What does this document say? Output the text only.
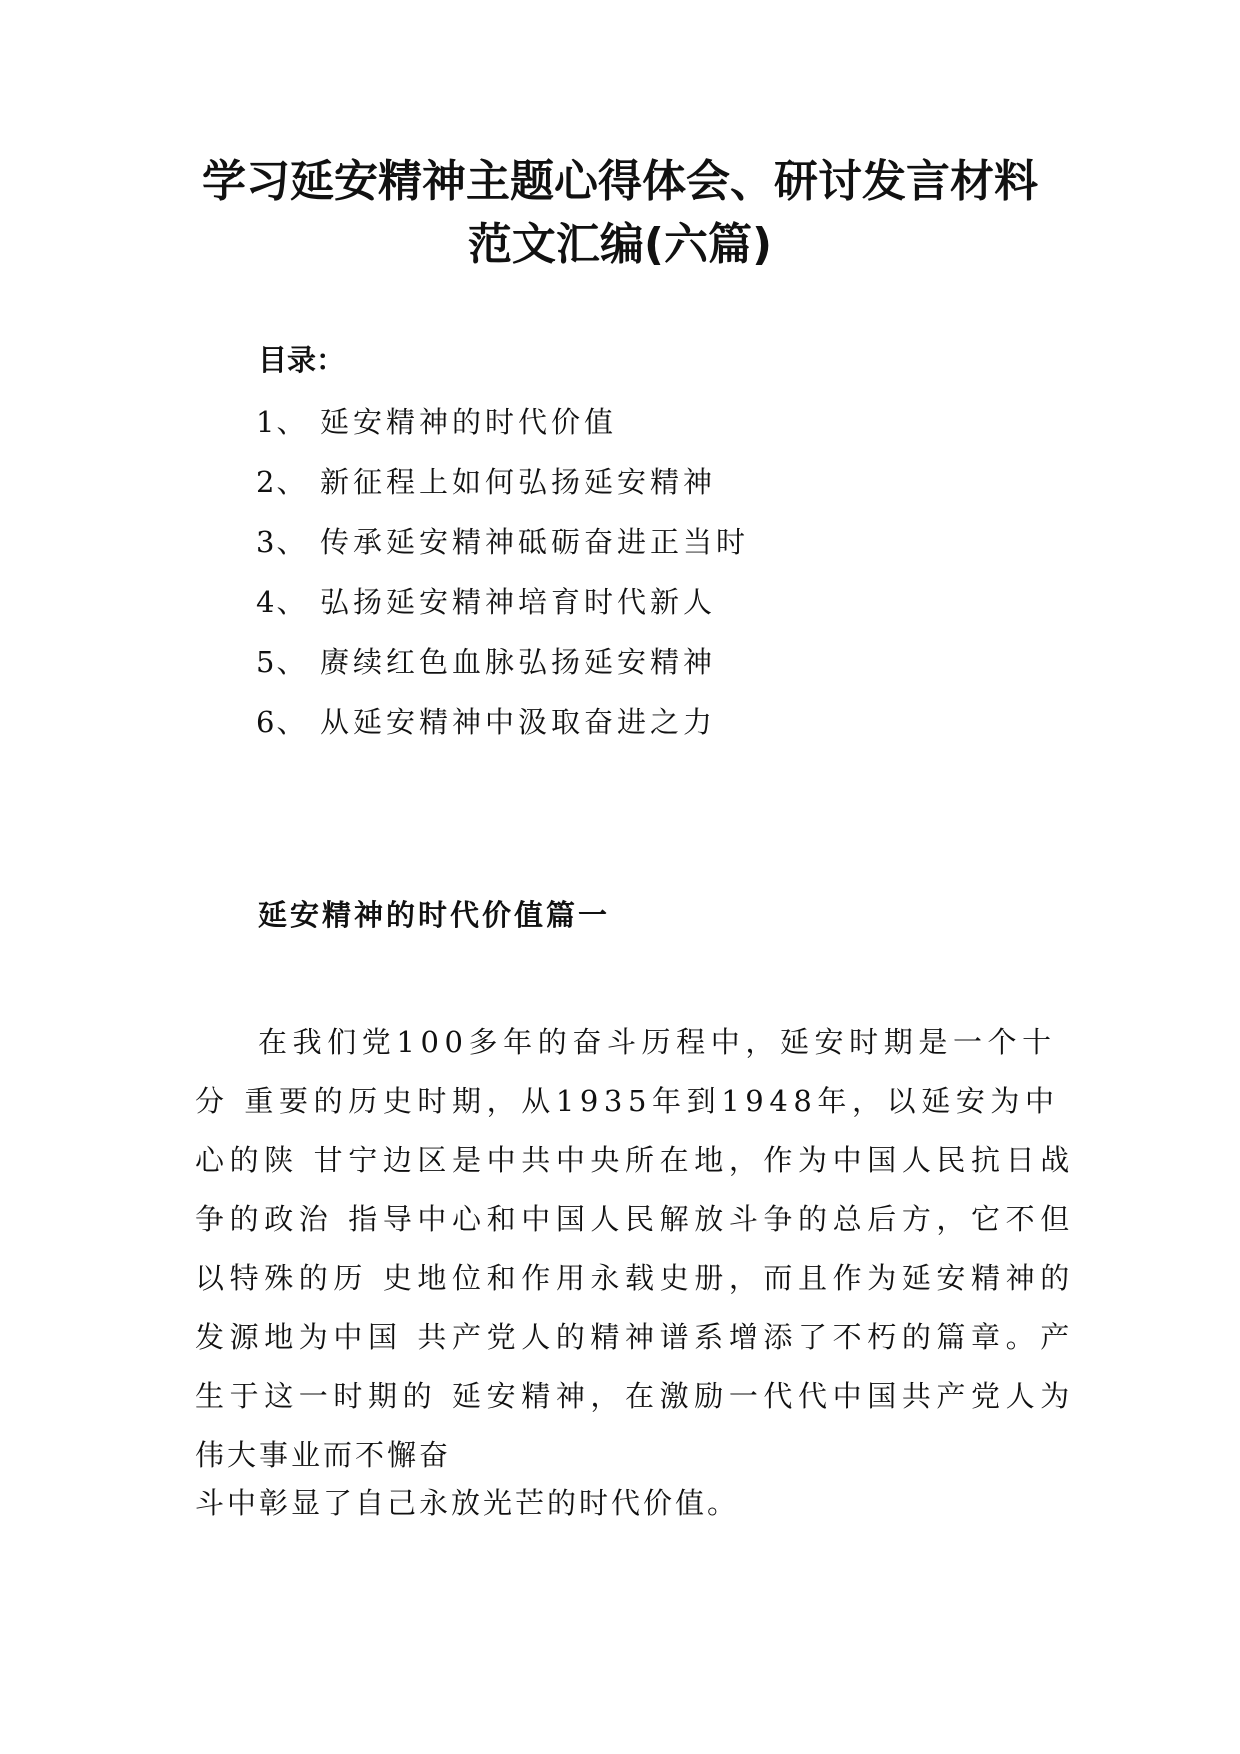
学习延安精神主题心得体会、研讨发言材料
范文汇编(六篇)
目录：
1、 延安精神的时代价值
2、 新征程上如何弘扬延安精神
3、 传承延安精神砥砺奋进正当时
4、 弘扬延安精神培育时代新人
5、 赓续红色血脉弘扬延安精神
6、 从延安精神中汲取奋进之力
延安精神的时代价值篇一
在我们党100多年的奋斗历程中，延安时期是一个十
分 重要的历史时期，从1935年到1948年，以延安为中
心的陕 甘宁边区是中共中央所在地，作为中国人民抗日战
争的政治 指导中心和中国人民解放斗争的总后方，它不但
以特殊的历 史地位和作用永载史册，而且作为延安精神的
发源地为中国 共产党人的精神谱系增添了不朽的篇章。产
生于这一时期的 延安精神，在激励一代代中国共产党人为
伟大事业而不懈奋
斗中彰显了自己永放光芒的时代价值。
